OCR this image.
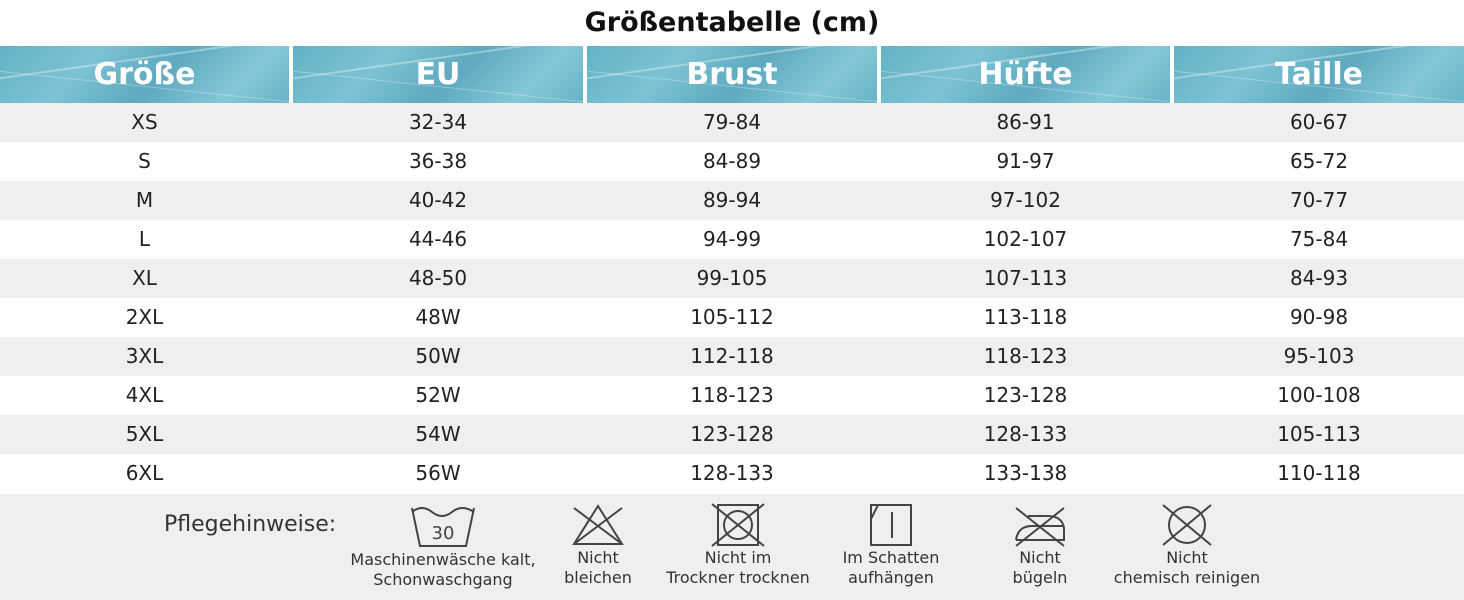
Größentabelle (cm)
Größe	EU	Brust	Hüfte	Taille
XS	32-34	79-84	86-91	60-67
S	36-38	84-89	91-97	65-72
M	40-42	89-94	97-102	70-77
L	44-46	94-99	102-107	75-84
XL	48-50	99-105	107-113	84-93
2XL	48W	105-112	113-118	90-98
3XL	50W	112-118	118-123	95-103
4XL	52W	118-123	123-128	100-108
5XL	54W	123-128	128-133	105-113
6XL	56W	128-133	133-138	110-118
Pflegehinweise:	30
Maschinenwäsche kalt,
Schonwaschgang
Nicht
bleichen
Nicht im
Trockner trocknen
Im Schatten
aufhängen
Nicht
bügeln
Nicht
chemisch reinigen
